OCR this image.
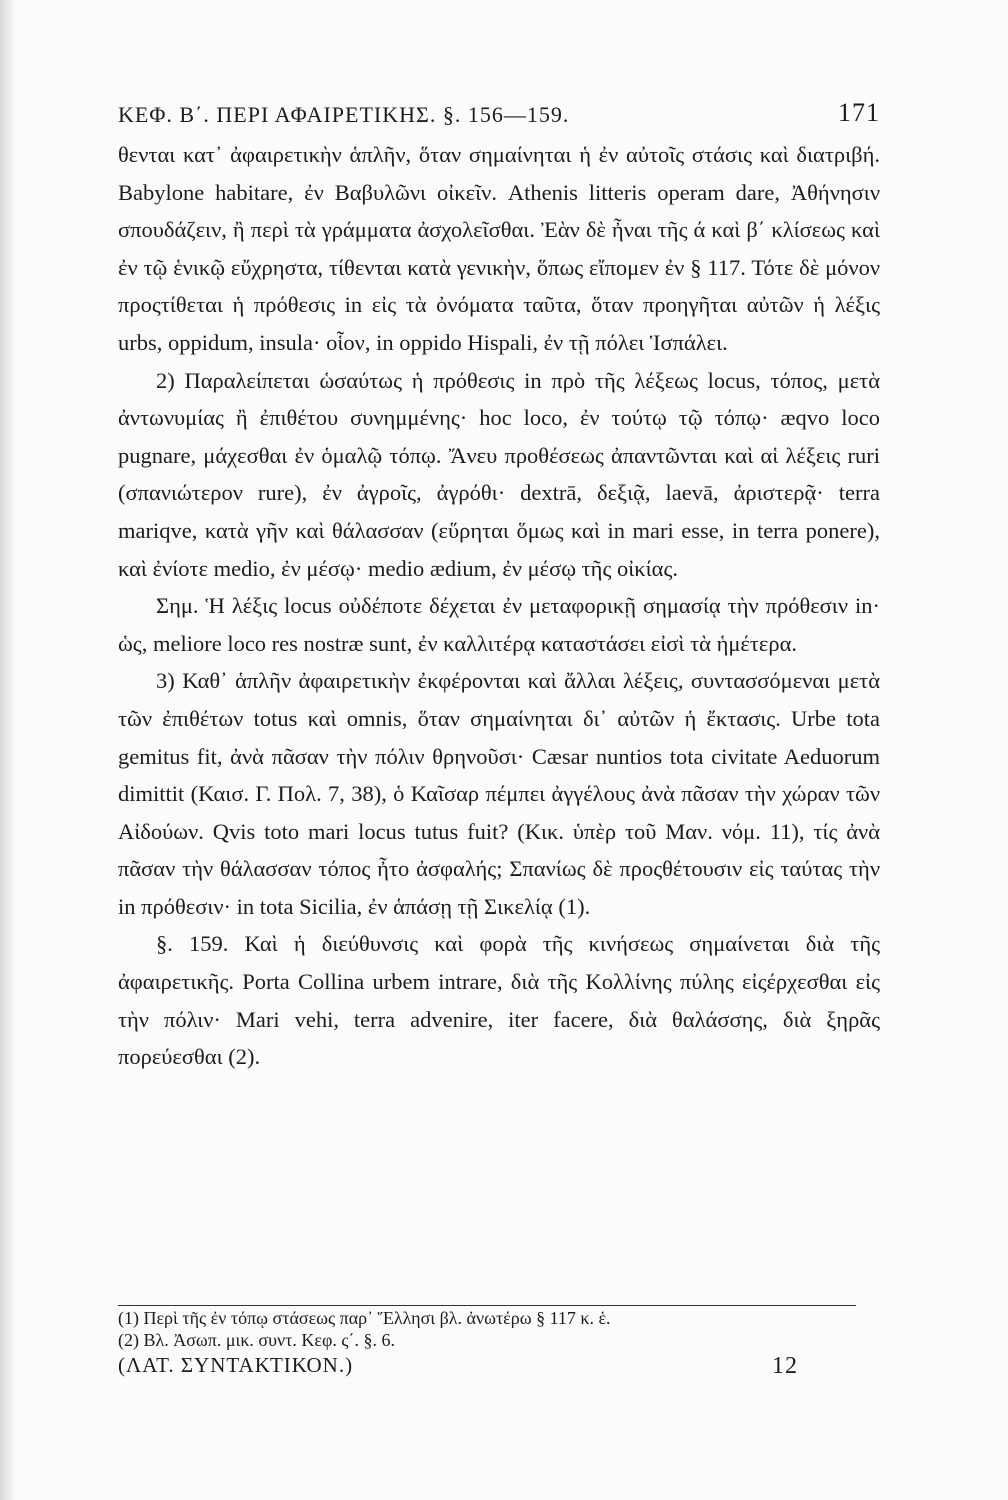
ΚΕΦ. Β΄. ΠΕΡΙ ΑΦΑΙΡΕΤΙΚΗΣ. §. 156—159.	171

θενται κατ᾽ ἀφαιρετικὴν ἁπλῆν, ὅταν σημαίνηται ἡ ἐν αὐτοῖς στάσις καὶ διατριβή. Babylone habitare, ἐν Βαβυλῶνι οἰκεῖν. Athenis litteris operam dare, Ἀθήνησιν σπουδάζειν, ἢ περὶ τὰ γράμματα ἀσχολεῖσθαι. Ἐὰν δὲ ἦναι τῆς ά καὶ β΄ κλίσεως καὶ ἐν τῷ ἑνικῷ εὔχρηστα, τίθενται κατὰ γενικὴν, ὅπως εἴπομεν ἐν § 117. Τότε δὲ μόνον προςτίθεται ἡ πρόθεσις in εἰς τὰ ὀνόματα ταῦτα, ὅταν προηγῆται αὐτῶν ἡ λέξις urbs, oppidum, insula· οἷον, in oppido Hispali, ἐν τῇ πόλει Ἱσπάλει.

2) Παραλείπεται ὡσαύτως ἡ πρόθεσις in πρὸ τῆς λέξεως locus, τόπος, μετὰ ἀντωνυμίας ἢ ἐπιθέτου συνημμένης· hoc loco, ἐν τούτῳ τῷ τόπῳ· æqvo loco pugnare, μάχεσθαι ἐν ὁμαλῷ τόπῳ. Ἄνευ προθέσεως ἀπαντῶνται καὶ αἱ λέξεις ruri (σπανιώτερον rure), ἐν ἀγροῖς, ἀγρόθι· dextrā, δεξιᾷ, laevā, ἀριστερᾷ· terra mariqve, κατὰ γῆν καὶ θάλασσαν (εὕρηται ὅμως καὶ in mari esse, in terra ponere), καὶ ἐνίοτε medio, ἐν μέσῳ· medio ædium, ἐν μέσῳ τῆς οἰκίας.

Σημ. Ἡ λέξις locus οὐδέποτε δέχεται ἐν μεταφορικῇ σημασίᾳ τὴν πρόθεσιν in· ὡς, meliore loco res nostræ sunt, ἐν καλλιτέρᾳ καταστάσει εἰσὶ τὰ ἡμέτερα.

3) Καθ᾽ ἁπλῆν ἀφαιρετικὴν ἐκφέρονται καὶ ἄλλαι λέξεις, συντασσόμεναι μετὰ τῶν ἐπιθέτων totus καὶ omnis, ὅταν σημαίνηται δι᾽ αὐτῶν ἡ ἔκτασις. Urbe tota gemitus fit, ἀνὰ πᾶσαν τὴν πόλιν θρηνοῦσι· Cæsar nuntios tota civitate Aeduorum dimittit (Καισ. Γ. Πολ. 7, 38), ὁ Καῖσαρ πέμπει ἀγγέλους ἀνὰ πᾶσαν τὴν χώραν τῶν Αἰδούων. Qvis toto mari locus tutus fuit? (Κικ. ὑπὲρ τοῦ Μαν. νόμ. 11), τίς ἀνὰ πᾶσαν τὴν θάλασσαν τόπος ἦτο ἀσφαλής; Σπανίως δὲ προςθέτουσιν εἰς ταύτας τὴν in πρόθεσιν· in tota Sicilia, ἐν ἁπάσῃ τῇ Σικελίᾳ (1).

§. 159. Καὶ ἡ διεύθυνσις καὶ φορὰ τῆς κινήσεως σημαίνεται διὰ τῆς ἀφαιρετικῆς. Porta Collina urbem intrare, διὰ τῆς Κολλίνης πύλης εἰςέρχεσθαι εἰς τὴν πόλιν· Mari vehi, terra advenire, iter facere, διὰ θαλάσσης, διὰ ξηρᾶς πορεύεσθαι (2).

(1) Περὶ τῆς ἐν τόπῳ στάσεως παρ᾽ Ἕλλησι βλ. ἀνωτέρω § 117 κ. ἑ.

(2) Βλ. Ἀσωπ. μικ. συντ. Κεφ. ς΄. §. 6.

(ΛΑΤ. ΣΥΝΤΑΚΤΙΚΟΝ.)	12
